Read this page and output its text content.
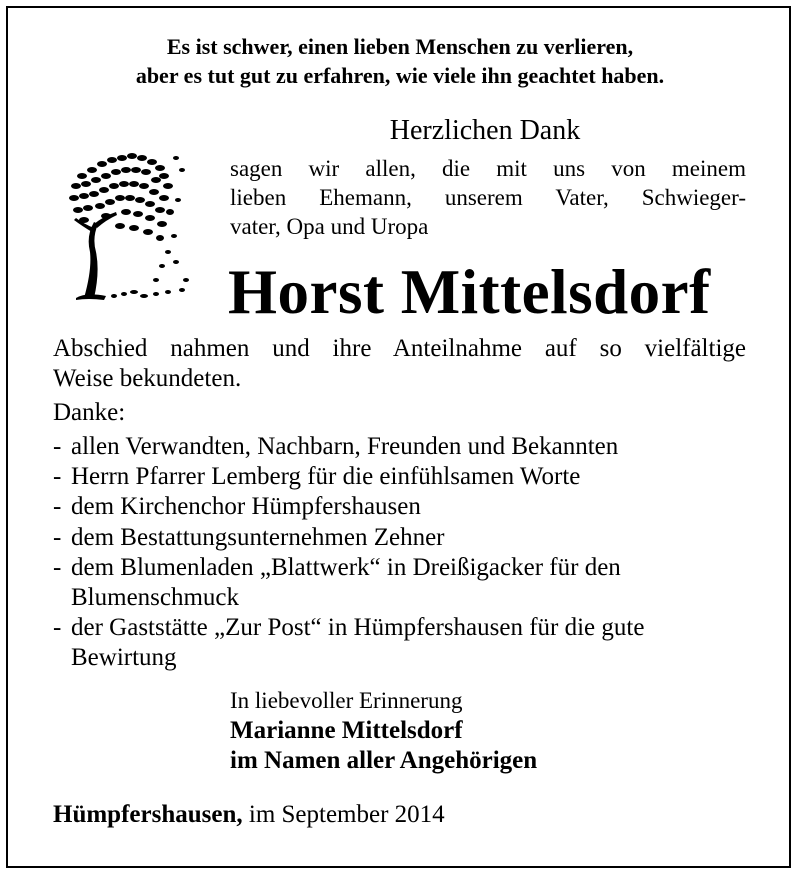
Es ist schwer, einen lieben Menschen zu verlieren,
aber es tut gut zu erfahren, wie viele ihn geachtet haben.
Herzlichen Dank
sagen wir allen, die mit uns von meinem
lieben Ehemann, unserem Vater, Schwieger-
vater, Opa und Uropa
Horst Mittelsdorf
Abschied nahmen und ihre Anteilnahme auf so vielfältige
Weise bekundeten.
Danke:
- allen Verwandten, Nachbarn, Freunden und Bekannten
- Herrn Pfarrer Lemberg für die einfühlsamen Worte
- dem Kirchenchor Hümpfershausen
- dem Bestattungsunternehmen Zehner
- dem Blumenladen „Blattwerk“ in Dreißigacker für den
Blumenschmuck
- der Gaststätte „Zur Post“ in Hümpfershausen für die gute
Bewirtung
In liebevoller Erinnerung
Marianne Mittelsdorf
im Namen aller Angehörigen
Hümpfershausen, im September 2014
